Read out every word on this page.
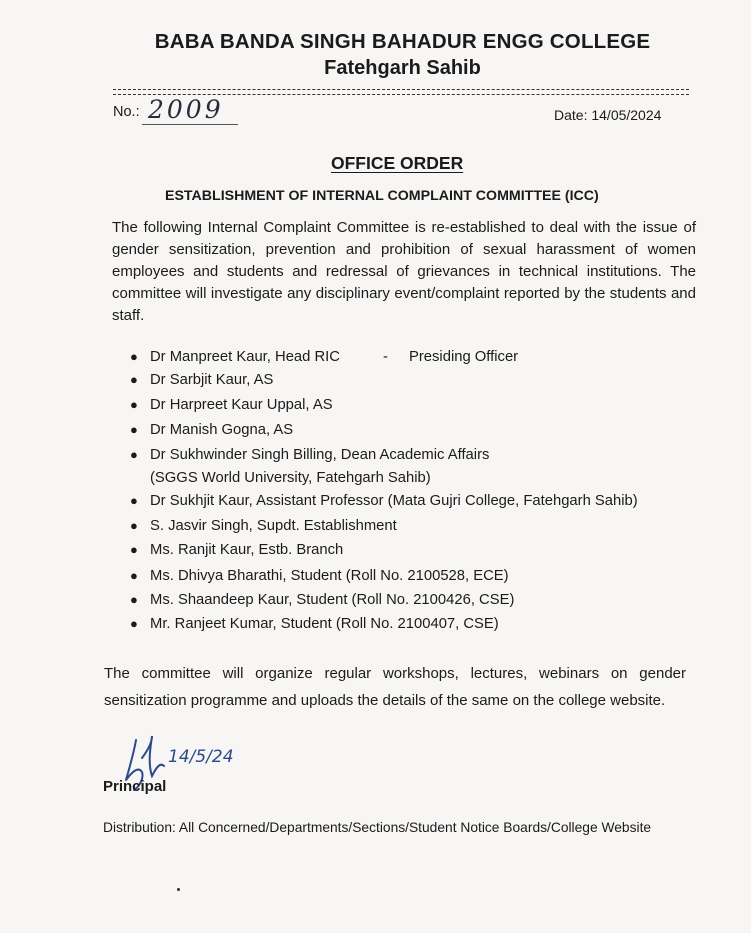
BABA BANDA SINGH BAHADUR ENGG COLLEGE
Fatehgarh Sahib
No.: 2009	Date: 14/05/2024
OFFICE ORDER
ESTABLISHMENT OF INTERNAL COMPLAINT COMMITTEE (ICC)
The following Internal Complaint Committee is re-established to deal with the issue of gender sensitization, prevention and prohibition of sexual harassment of women employees and students and redressal of grievances in technical institutions. The committee will investigate any disciplinary event/complaint reported by the students and staff.
● Dr Manpreet Kaur, Head RIC	- Presiding Officer
● Dr Sarbjit Kaur, AS
● Dr Harpreet Kaur Uppal, AS
● Dr Manish Gogna, AS
● Dr Sukhwinder Singh Billing, Dean Academic Affairs
(SGGS World University, Fatehgarh Sahib)
● Dr Sukhjit Kaur, Assistant Professor (Mata Gujri College, Fatehgarh Sahib)
● S. Jasvir Singh, Supdt. Establishment
● Ms. Ranjit Kaur, Estb. Branch
● Ms. Dhivya Bharathi, Student (Roll No. 2100528, ECE)
● Ms. Shaandeep Kaur, Student (Roll No. 2100426, CSE)
● Mr. Ranjeet Kumar, Student (Roll No. 2100407, CSE)
The committee will organize regular workshops, lectures, webinars on gender sensitization programme and uploads the details of the same on the college website.
14/5/24
Principal
Distribution: All Concerned/Departments/Sections/Student Notice Boards/College Website
